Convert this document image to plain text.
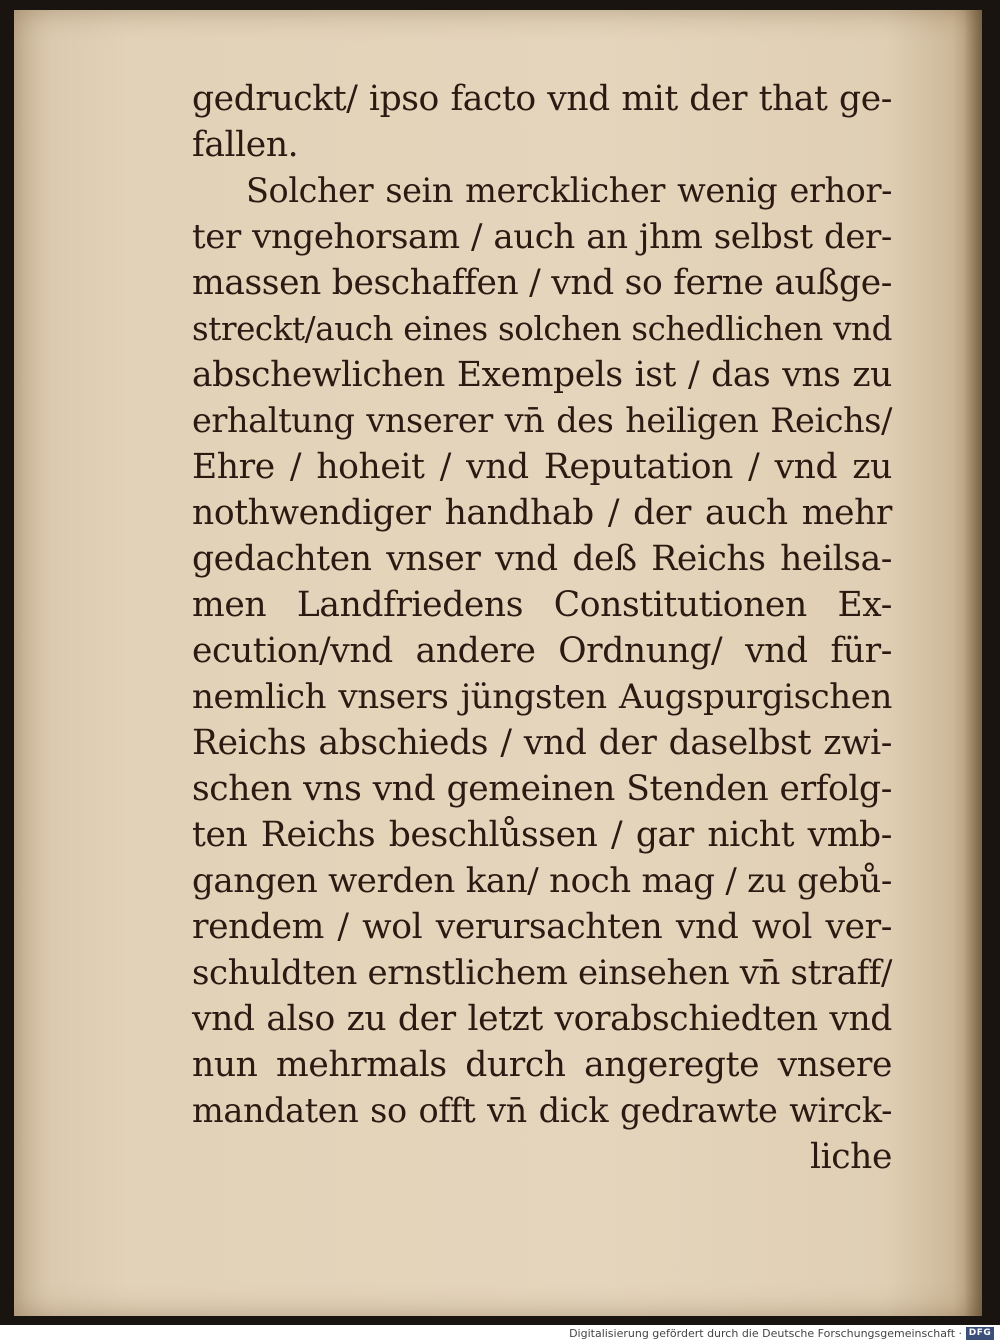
gedruckt/ ipso facto vnd mit der that ge-
fallen.
Solcher sein mercklicher wenig erhor-
ter vngehorsam / auch an jhm selbst der-
massen beschaffen / vnd so ferne außge-
streckt/auch eines solchen schedlichen vnd
abschewlichen Exempels ist / das vns zu
erhaltung vnserer vn̄ des heiligen Reichs/
Ehre / hoheit / vnd Reputation / vnd zu
nothwendiger handhab / der auch mehr
gedachten vnser vnd deß Reichs heilsa-
men Landfriedens Constitutionen Ex-
ecution/vnd andere Ordnung/ vnd für-
nemlich vnsers jüngsten Augspurgischen
Reichs abschieds / vnd der daselbst zwi-
schen vns vnd gemeinen Stenden erfolg-
ten Reichs beschlůssen / gar nicht vmb-
gangen werden kan/ noch mag / zu gebů-
rendem / wol verursachten vnd wol ver-
schuldten ernstlichem einsehen vn̄ straff/
vnd also zu der letzt vorabschiedten vnd
nun mehrmals durch angeregte vnsere
mandaten so offt vn̄ dick gedrawte wirck-
liche
Digitalisierung gefördert durch die Deutsche Forschungsgemeinschaft · DFG
